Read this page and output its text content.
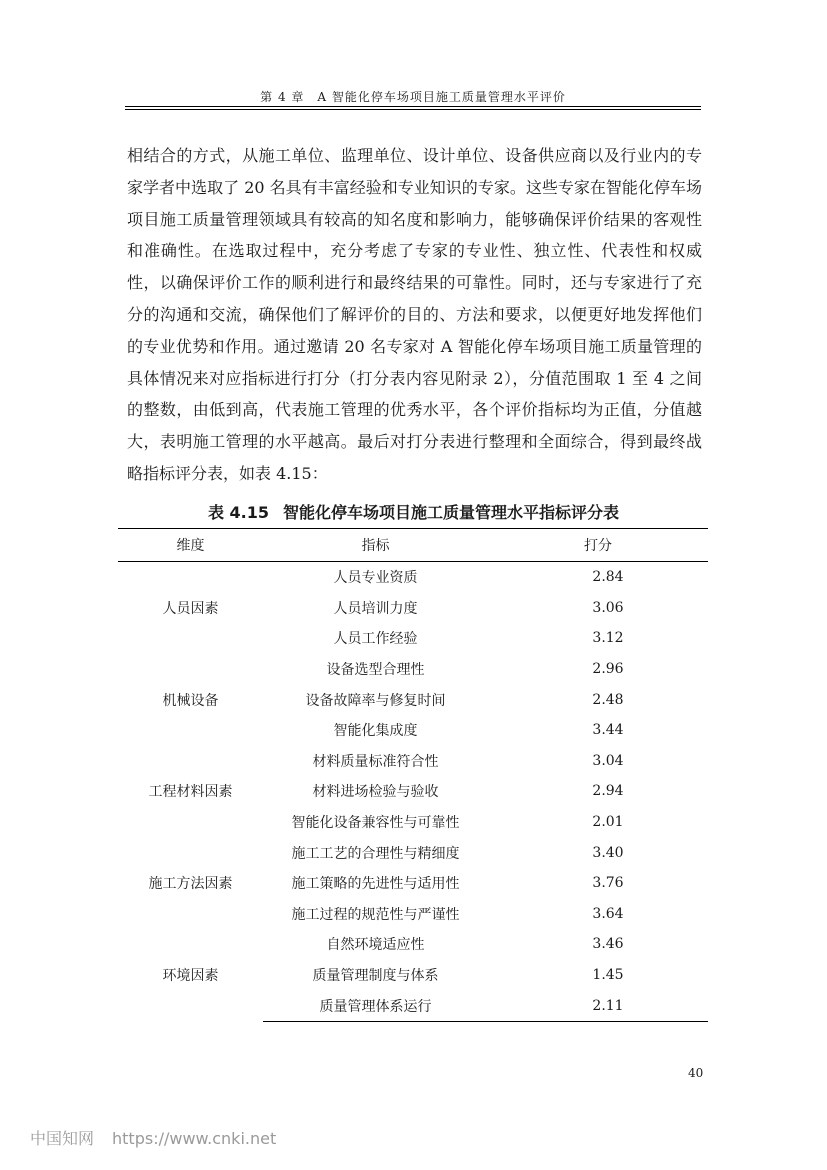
第 4 章　A 智能化停车场项目施工质量管理水平评价

相结合的方式，从施工单位、监理单位、设计单位、设备供应商以及行业内的专家学者中选取了 20 名具有丰富经验和专业知识的专家。这些专家在智能化停车场项目施工质量管理领域具有较高的知名度和影响力，能够确保评价结果的客观性和准确性。在选取过程中，充分考虑了专家的专业性、独立性、代表性和权威性，以确保评价工作的顺利进行和最终结果的可靠性。同时，还与专家进行了充分的沟通和交流，确保他们了解评价的目的、方法和要求，以便更好地发挥他们的专业优势和作用。通过邀请 20 名专家对 A 智能化停车场项目施工质量管理的具体情况来对应指标进行打分（打分表内容见附录 2），分值范围取 1 至 4 之间的整数，由低到高，代表施工管理的优秀水平，各个评价指标均为正值，分值越大，表明施工管理的水平越高。最后对打分表进行整理和全面综合，得到最终战略指标评分表，如表 4.15：

表 4.15 智能化停车场项目施工质量管理水平指标评分表
维度	指标	打分
人员因素	人员专业资质	2.84
	人员培训力度	3.06
	人员工作经验	3.12
机械设备	设备选型合理性	2.96
	设备故障率与修复时间	2.48
	智能化集成度	3.44
工程材料因素	材料质量标准符合性	3.04
	材料进场检验与验收	2.94
	智能化设备兼容性与可靠性	2.01
施工方法因素	施工工艺的合理性与精细度	3.40
	施工策略的先进性与适用性	3.76
	施工过程的规范性与严谨性	3.64
环境因素	自然环境适应性	3.46
	质量管理制度与体系	1.45
	质量管理体系运行	2.11
40
中国知网 https://www.cnki.net
